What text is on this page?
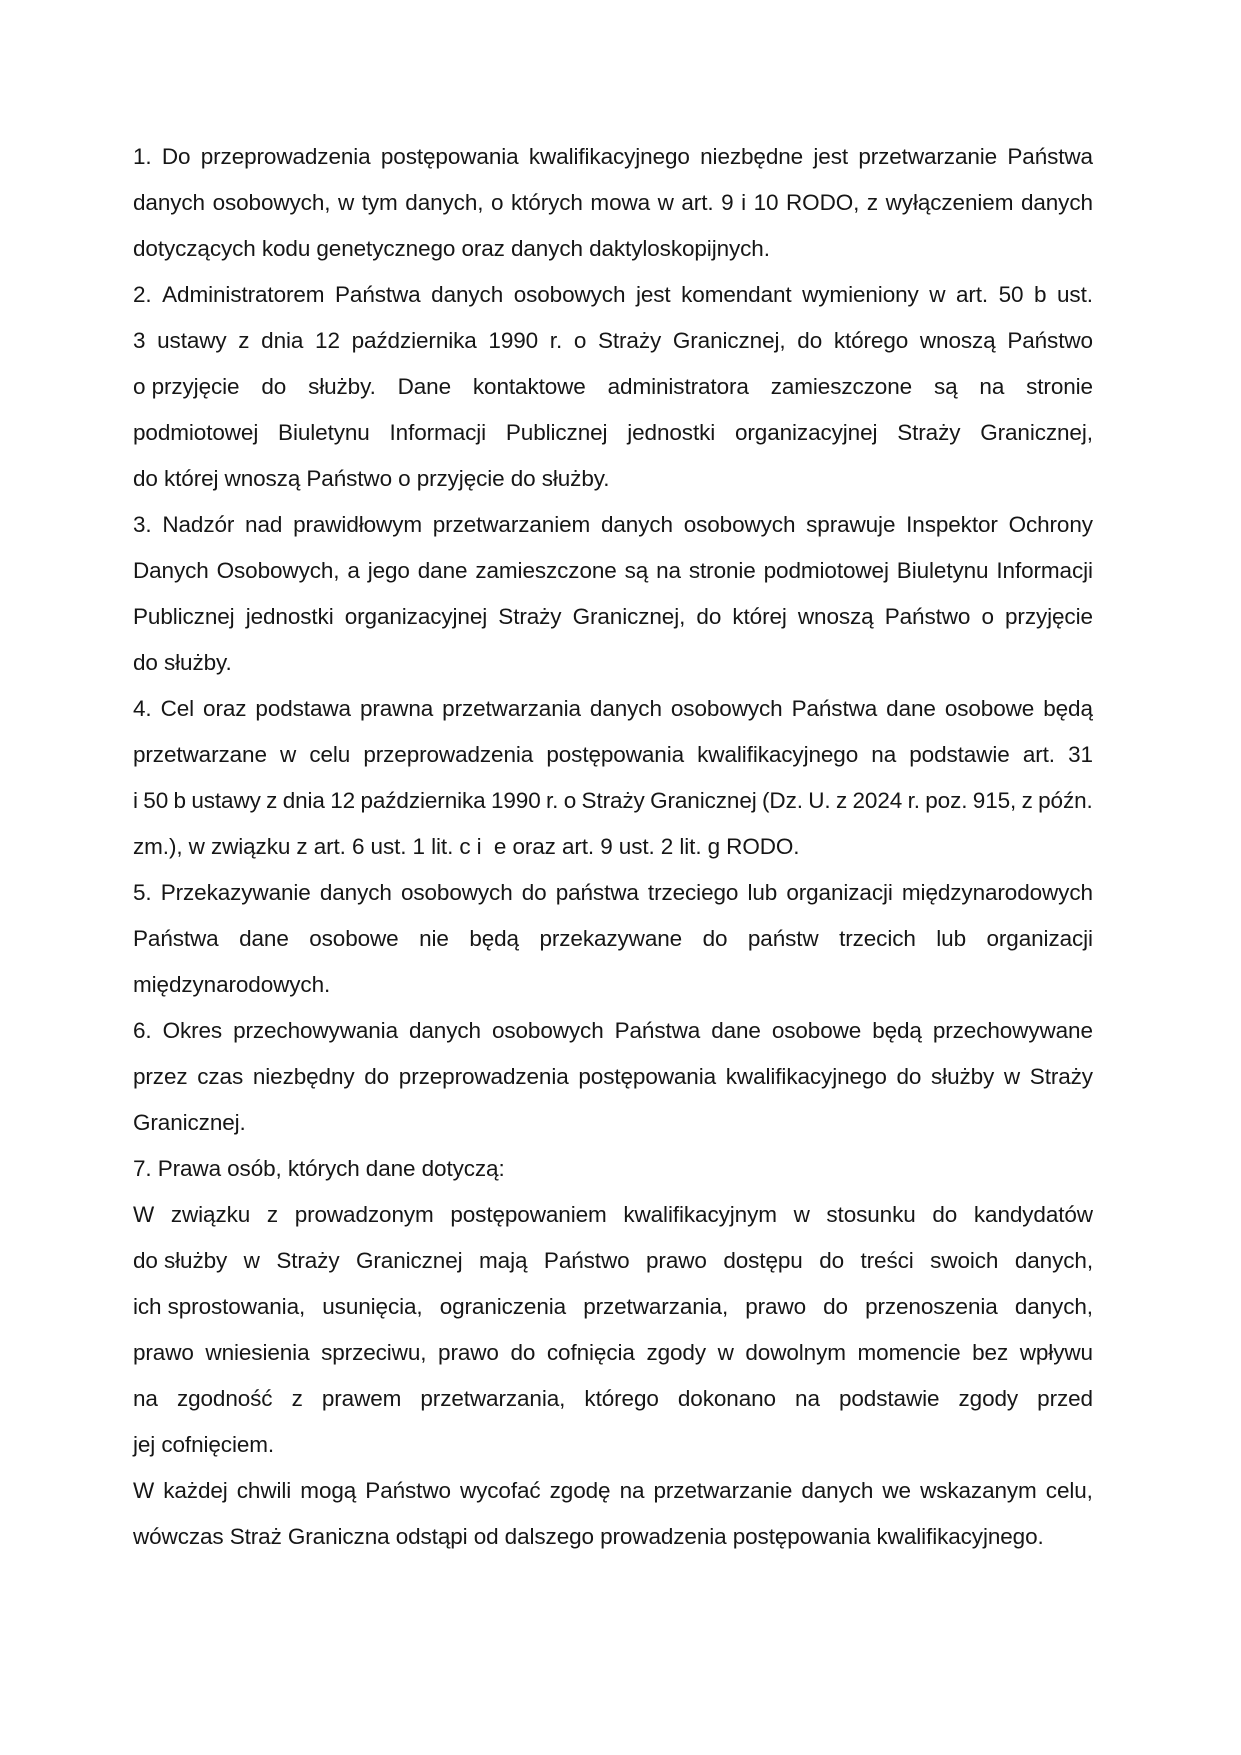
1. Do przeprowadzenia postępowania kwalifikacyjnego niezbędne jest przetwarzanie Państwa
danych osobowych, w tym danych, o których mowa w art. 9 i 10 RODO, z wyłączeniem danych
dotyczących kodu genetycznego oraz danych daktyloskopijnych.
2. Administratorem Państwa danych osobowych jest komendant wymieniony w art. 50 b ust.
3 ustawy z dnia 12 października 1990 r. o Straży Granicznej, do którego wnoszą Państwo
o przyjęcie do służby. Dane kontaktowe administratora zamieszczone są na stronie
podmiotowej Biuletynu Informacji Publicznej jednostki organizacyjnej Straży Granicznej,
do której wnoszą Państwo o przyjęcie do służby.
3. Nadzór nad prawidłowym przetwarzaniem danych osobowych sprawuje Inspektor Ochrony
Danych Osobowych, a jego dane zamieszczone są na stronie podmiotowej Biuletynu Informacji
Publicznej jednostki organizacyjnej Straży Granicznej, do której wnoszą Państwo o przyjęcie
do służby.
4. Cel oraz podstawa prawna przetwarzania danych osobowych Państwa dane osobowe będą
przetwarzane w celu przeprowadzenia postępowania kwalifikacyjnego na podstawie art. 31
i 50 b ustawy z dnia 12 października 1990 r. o Straży Granicznej (Dz. U. z 2024 r. poz. 915, z późn.
zm.), w związku z art. 6 ust. 1 lit. c i  e oraz art. 9 ust. 2 lit. g RODO.
5. Przekazywanie danych osobowych do państwa trzeciego lub organizacji międzynarodowych
Państwa dane osobowe nie będą przekazywane do państw trzecich lub organizacji
międzynarodowych.
6. Okres przechowywania danych osobowych Państwa dane osobowe będą przechowywane
przez czas niezbędny do przeprowadzenia postępowania kwalifikacyjnego do służby w Straży
Granicznej.
7. Prawa osób, których dane dotyczą:
W związku z prowadzonym postępowaniem kwalifikacyjnym w stosunku do kandydatów
do służby w Straży Granicznej mają Państwo prawo dostępu do treści swoich danych,
ich sprostowania, usunięcia, ograniczenia przetwarzania, prawo do przenoszenia danych,
prawo wniesienia sprzeciwu, prawo do cofnięcia zgody w dowolnym momencie bez wpływu
na zgodność z prawem przetwarzania, którego dokonano na podstawie zgody przed
jej cofnięciem.
W każdej chwili mogą Państwo wycofać zgodę na przetwarzanie danych we wskazanym celu,
wówczas Straż Graniczna odstąpi od dalszego prowadzenia postępowania kwalifikacyjnego.
